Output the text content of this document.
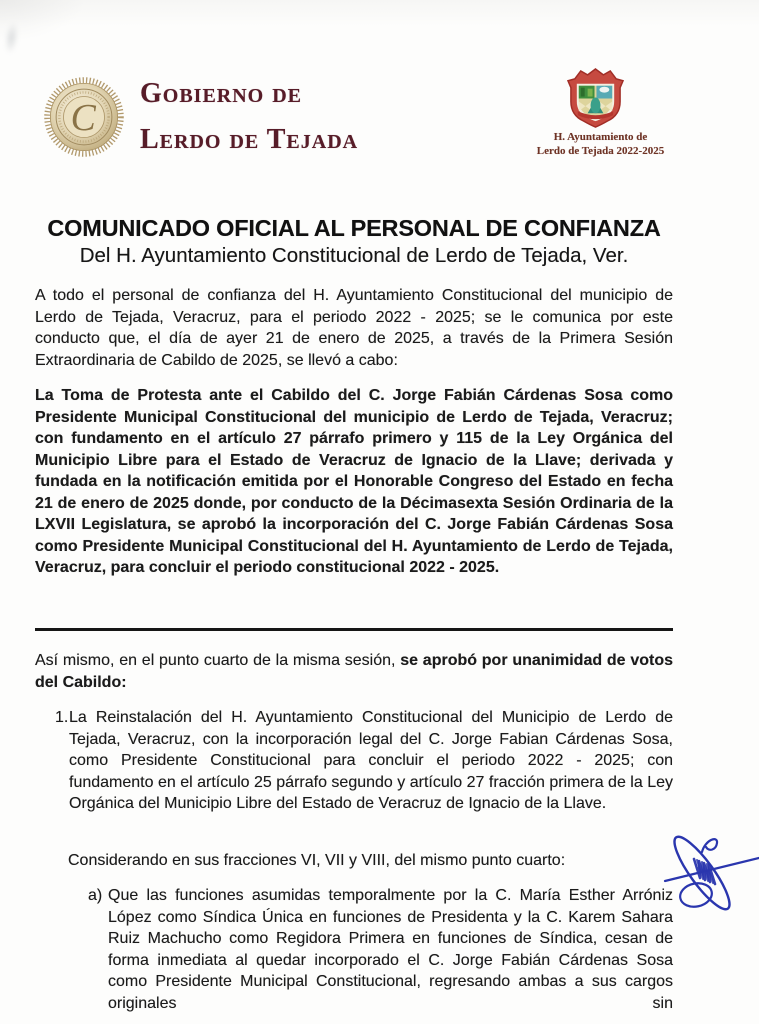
C
Gobierno de
Lerdo de Tejada	H. Ayuntamiento de
Lerdo de Tejada 2022-2025
COMUNICADO OFICIAL AL PERSONAL DE CONFIANZA
Del H. Ayuntamiento Constitucional de Lerdo de Tejada, Ver.
A todo el personal de confianza del H. Ayuntamiento Constitucional del municipio de Lerdo de Tejada, Veracruz, para el periodo 2022 - 2025; se le comunica por este conducto que, el día de ayer 21 de enero de 2025, a través de la Primera Sesión Extraordinaria de Cabildo de 2025, se llevó a cabo:
La Toma de Protesta ante el Cabildo del C. Jorge Fabián Cárdenas Sosa como Presidente Municipal Constitucional del municipio de Lerdo de Tejada, Veracruz; con fundamento en el artículo 27 párrafo primero y 115 de la Ley Orgánica del Municipio Libre para el Estado de Veracruz de Ignacio de la Llave; derivada y fundada en la notificación emitida por el Honorable Congreso del Estado en fecha 21 de enero de 2025 donde, por conducto de la Décimasexta Sesión Ordinaria de la LXVII Legislatura, se aprobó la incorporación del C. Jorge Fabián Cárdenas Sosa como Presidente Municipal Constitucional del H. Ayuntamiento de Lerdo de Tejada, Veracruz, para concluir el periodo constitucional 2022 - 2025.
Así mismo, en el punto cuarto de la misma sesión, se aprobó por unanimidad de votos del Cabildo:
1. La Reinstalación del H. Ayuntamiento Constitucional del Municipio de Lerdo de Tejada, Veracruz, con la incorporación legal del C. Jorge Fabian Cárdenas Sosa, como Presidente Constitucional para concluir el periodo 2022 - 2025; con fundamento en el artículo 25 párrafo segundo y artículo 27 fracción primera de la Ley Orgánica del Municipio Libre del Estado de Veracruz de Ignacio de la Llave.
Considerando en sus fracciones VI, VII y VIII, del mismo punto cuarto:
a) Que las funciones asumidas temporalmente por la C. María Esther Arróniz López como Síndica Única en funciones de Presidenta y la C. Karem Sahara Ruiz Machucho como Regidora Primera en funciones de Síndica, cesan de forma inmediata al quedar incorporado el C. Jorge Fabián Cárdenas Sosa como Presidente Municipal Constitucional, regresando ambas a sus cargos originales sin
